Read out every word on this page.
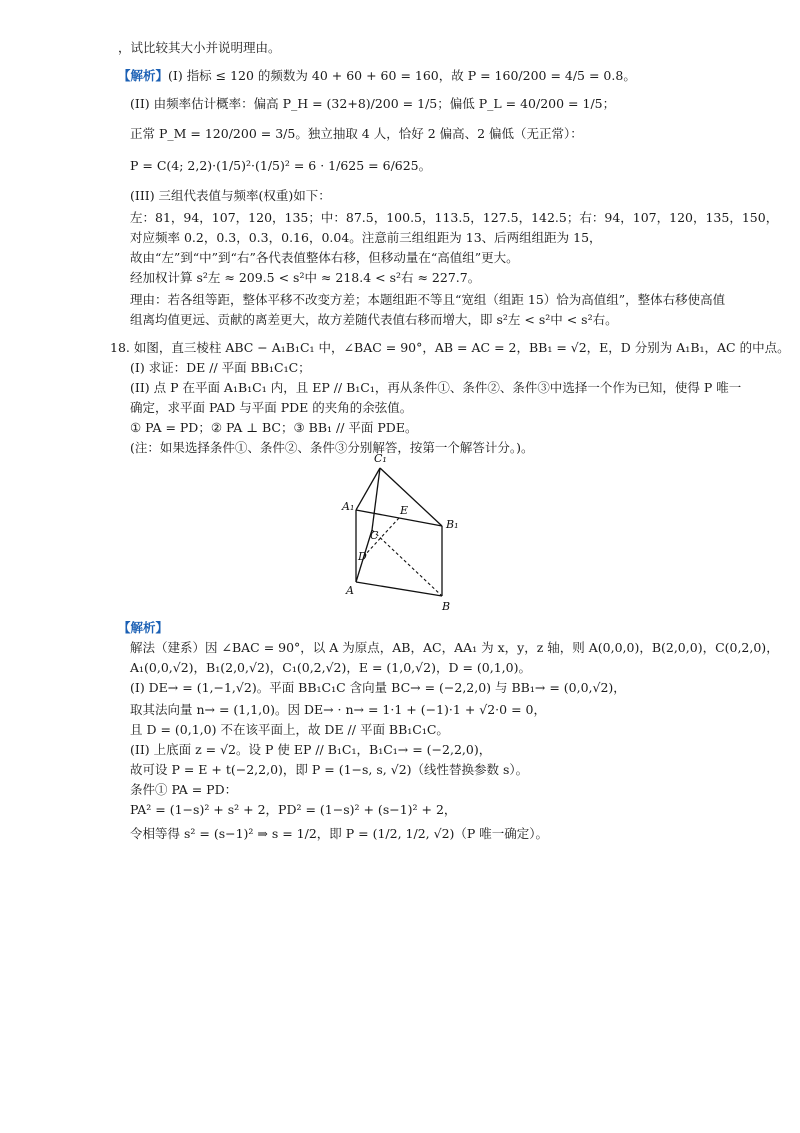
，试比较其大小并说明理由。
【解析】(I) 指标 ≤ 120 的频数为 40 + 60 + 60 = 160，故 P = 160/200 = 4/5 = 0.8。
(II) 由频率估计概率：偏高 P_H = (32+8)/200 = 1/5；偏低 P_L = 40/200 = 1/5；
正常 P_M = 120/200 = 3/5。独立抽取 4 人，恰好 2 偏高、2 偏低（无正常）：
P = C(4; 2,2)·(1/5)²·(1/5)² = 6 · 1/625 = 6/625。
(III) 三组代表值与频率(权重)如下：
左：81，94，107，120，135；中：87.5，100.5，113.5，127.5，142.5；右：94，107，120，135，150，
对应频率 0.2，0.3，0.3，0.16，0.04。注意前三组组距为 13、后两组组距为 15，
故由“左”到“中”到“右”各代表值整体右移，但移动量在“高值组”更大。
经加权计算 s²左 ≈ 209.5 < s²中 ≈ 218.4 < s²右 ≈ 227.7。
理由：若各组等距，整体平移不改变方差；本题组距不等且“宽组（组距 15）恰为高值组”，整体右移使高值
组离均值更远、贡献的离差更大，故方差随代表值右移而增大，即 s²左 < s²中 < s²右。
18. 如图，直三棱柱 ABC − A₁B₁C₁ 中，∠BAC = 90°，AB = AC = 2，BB₁ = √2，E，D 分别为 A₁B₁，AC 的中点。
(I) 求证：DE // 平面 BB₁C₁C；
(II) 点 P 在平面 A₁B₁C₁ 内，且 EP // B₁C₁，再从条件①、条件②、条件③中选择一个作为已知，使得 P 唯一
确定，求平面 PAD 与平面 PDE 的夹角的余弦值。
① PA = PD；② PA ⊥ BC；③ BB₁ // 平面 PDE。
(注：如果选择条件①、条件②、条件③分别解答，按第一个解答计分。)。
C₁
A₁
B₁
E
C
D
A
B
【解析】
解法（建系）因 ∠BAC = 90°，以 A 为原点，AB，AC，AA₁ 为 x，y，z 轴，则 A(0,0,0)，B(2,0,0)，C(0,2,0)，
A₁(0,0,√2)，B₁(2,0,√2)，C₁(0,2,√2)，E = (1,0,√2)，D = (0,1,0)。
(I) DE→ = (1,−1,√2)。平面 BB₁C₁C 含向量 BC→ = (−2,2,0) 与 BB₁→ = (0,0,√2)，
取其法向量 n→ = (1,1,0)。因 DE→ · n→ = 1·1 + (−1)·1 + √2·0 = 0，
且 D = (0,1,0) 不在该平面上，故 DE // 平面 BB₁C₁C。
(II) 上底面 z = √2。设 P 使 EP // B₁C₁，B₁C₁→ = (−2,2,0)，
故可设 P = E + t(−2,2,0)，即 P = (1−s, s, √2)（线性替换参数 s）。
条件① PA = PD：
PA² = (1−s)² + s² + 2，PD² = (1−s)² + (s−1)² + 2，
令相等得 s² = (s−1)² ⇒ s = 1/2，即 P = (1/2, 1/2, √2)（P 唯一确定）。
